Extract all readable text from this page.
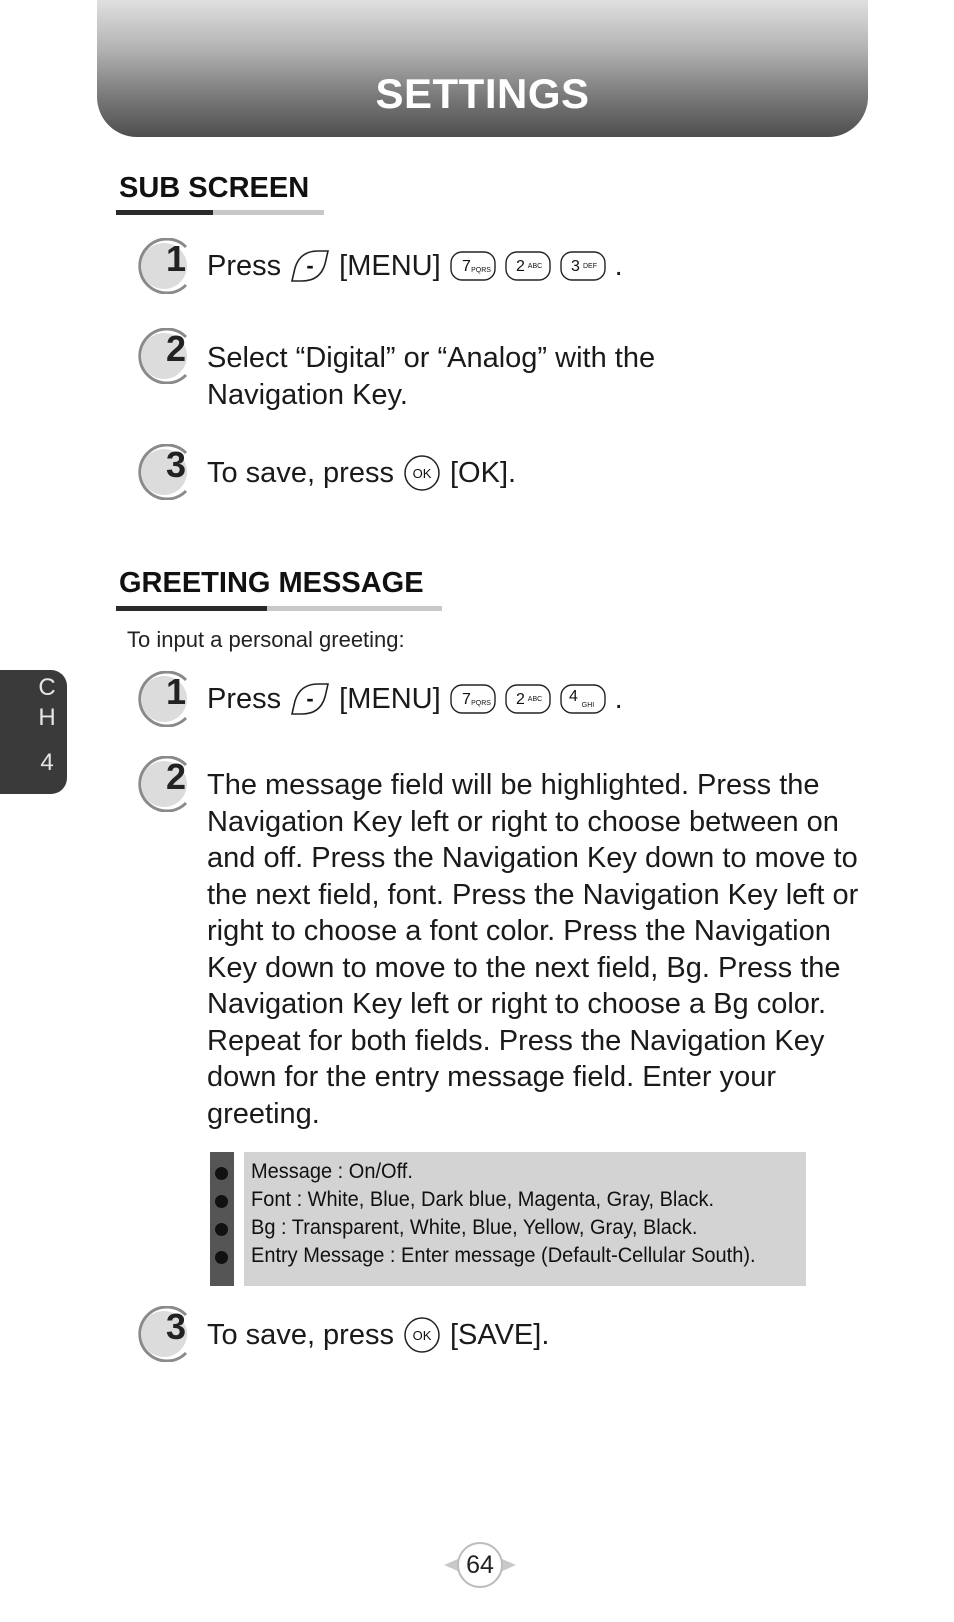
SETTINGS
C
H
4
SUB SCREEN
1 Press - [MENU] 7 PQRS 2 ABC 3 DEF .
2 Select “Digital” or “Analog” with the Navigation Key.
3 To save, press OK [OK].
GREETING MESSAGE
To input a personal greeting:
1 Press - [MENU] 7 PQRS 2 ABC 4
GHI .
2 The message field will be highlighted. Press the Navigation Key left or right to choose between on and off. Press the Navigation Key down to move to the next field, font. Press the Navigation Key left or right to choose a font color. Press the Navigation Key down to move to the next field, Bg. Press the Navigation Key left or right to choose a Bg color. Repeat for both fields. Press the Navigation Key down for the entry message field. Enter your greeting.
Message : On/Off.
Font : White, Blue, Dark blue, Magenta, Gray, Black.
Bg : Transparent, White, Blue, Yellow, Gray, Black.
Entry Message : Enter message (Default-Cellular South).
3 To save, press OK [SAVE].
64
